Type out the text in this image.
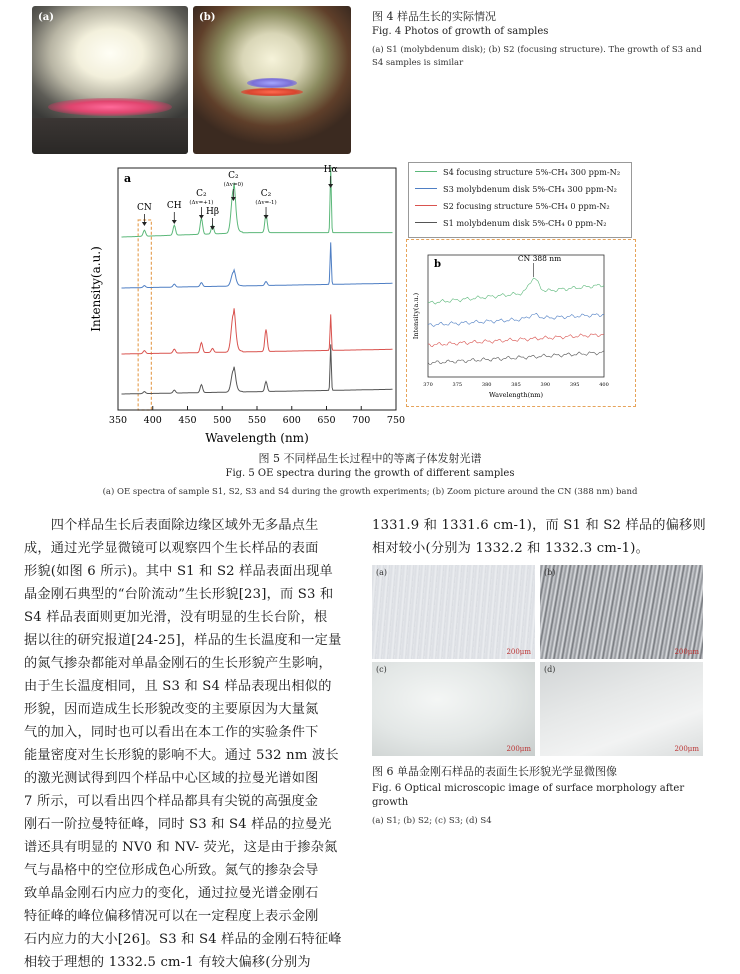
(a)	(b)	图 4 样品生长的实际情况
Fig. 4 Photos of growth of samples
(a) S1 (molybdenum disk); (b) S2 (focusing structure). The growth of S3 and S4 samples is similar
a
350 400 450 500 550 600 650 700 750
Wavelength (nm)
Intensity(a.u.)
CN CH
C₂
(Δv=+1)
Hβ
C₂
(Δv=0)
C₂
(Δv=-1)
Hα	S4 focusing structure 5%-CH₄ 300 ppm-N₂
S3 molybdenum disk 5%-CH₄ 300 ppm-N₂
S2 focusing structure 5%-CH₄ 0 ppm-N₂
S1 molybdenum disk 5%-CH₄ 0 ppm-N₂
b
370	375	380	385	390	395	400
Wavelength(nm)
Intensity(a.u.)
CN 388 nm
图 5 不同样品生长过程中的等离子体发射光谱
Fig. 5 OE spectra during the growth of different samples
(a) OE spectra of sample S1, S2, S3 and S4 during the growth experiments; (b) Zoom picture around the CN (388 nm) band
　　四个样品生长后表面除边缘区域外无多晶点生
成，通过光学显微镜可以观察四个生长样品的表面
形貌(如图 6 所示)。其中 S1 和 S2 样品表面出现单
晶金刚石典型的“台阶流动”生长形貌[23]，而 S3 和
S4 样品表面则更加光滑，没有明显的生长台阶，根
据以往的研究报道[24-25]，样品的生长温度和一定量
的氮气掺杂都能对单晶金刚石的生长形貌产生影响，
由于生长温度相同，且 S3 和 S4 样品表现出相似的
形貌，因而造成生长形貌改变的主要原因为大量氮
气的加入，同时也可以看出在本工作的实验条件下
能量密度对生长形貌的影响不大。通过 532 nm 波长
的激光测试得到四个样品中心区域的拉曼光谱如图
7 所示，可以看出四个样品都具有尖锐的高强度金
刚石一阶拉曼特征峰，同时 S3 和 S4 样品的拉曼光
谱还具有明显的 NV0 和 NV- 荧光，这是由于掺杂氮
气与晶格中的空位形成色心所致。氮气的掺杂会导
致单晶金刚石内应力的变化，通过拉曼光谱金刚石
特征峰的峰位偏移情况可以在一定程度上表示金刚
石内应力的大小[26]。S3 和 S4 样品的金刚石特征峰
相较于理想的 1332.5 cm-1 有较大偏移(分别为
1331.9 和 1331.6 cm-1)，而 S1 和 S2 样品的偏移则
相对较小(分别为 1332.2 和 1332.3 cm-1)。
(a)
200μm
(b)
200μm
(c)
200μm
(d)
200μm
图 6 单晶金刚石样品的表面生长形貌光学显微图像
Fig. 6 Optical microscopic image of surface morphology after growth
(a) S1; (b) S2; (c) S3; (d) S4
